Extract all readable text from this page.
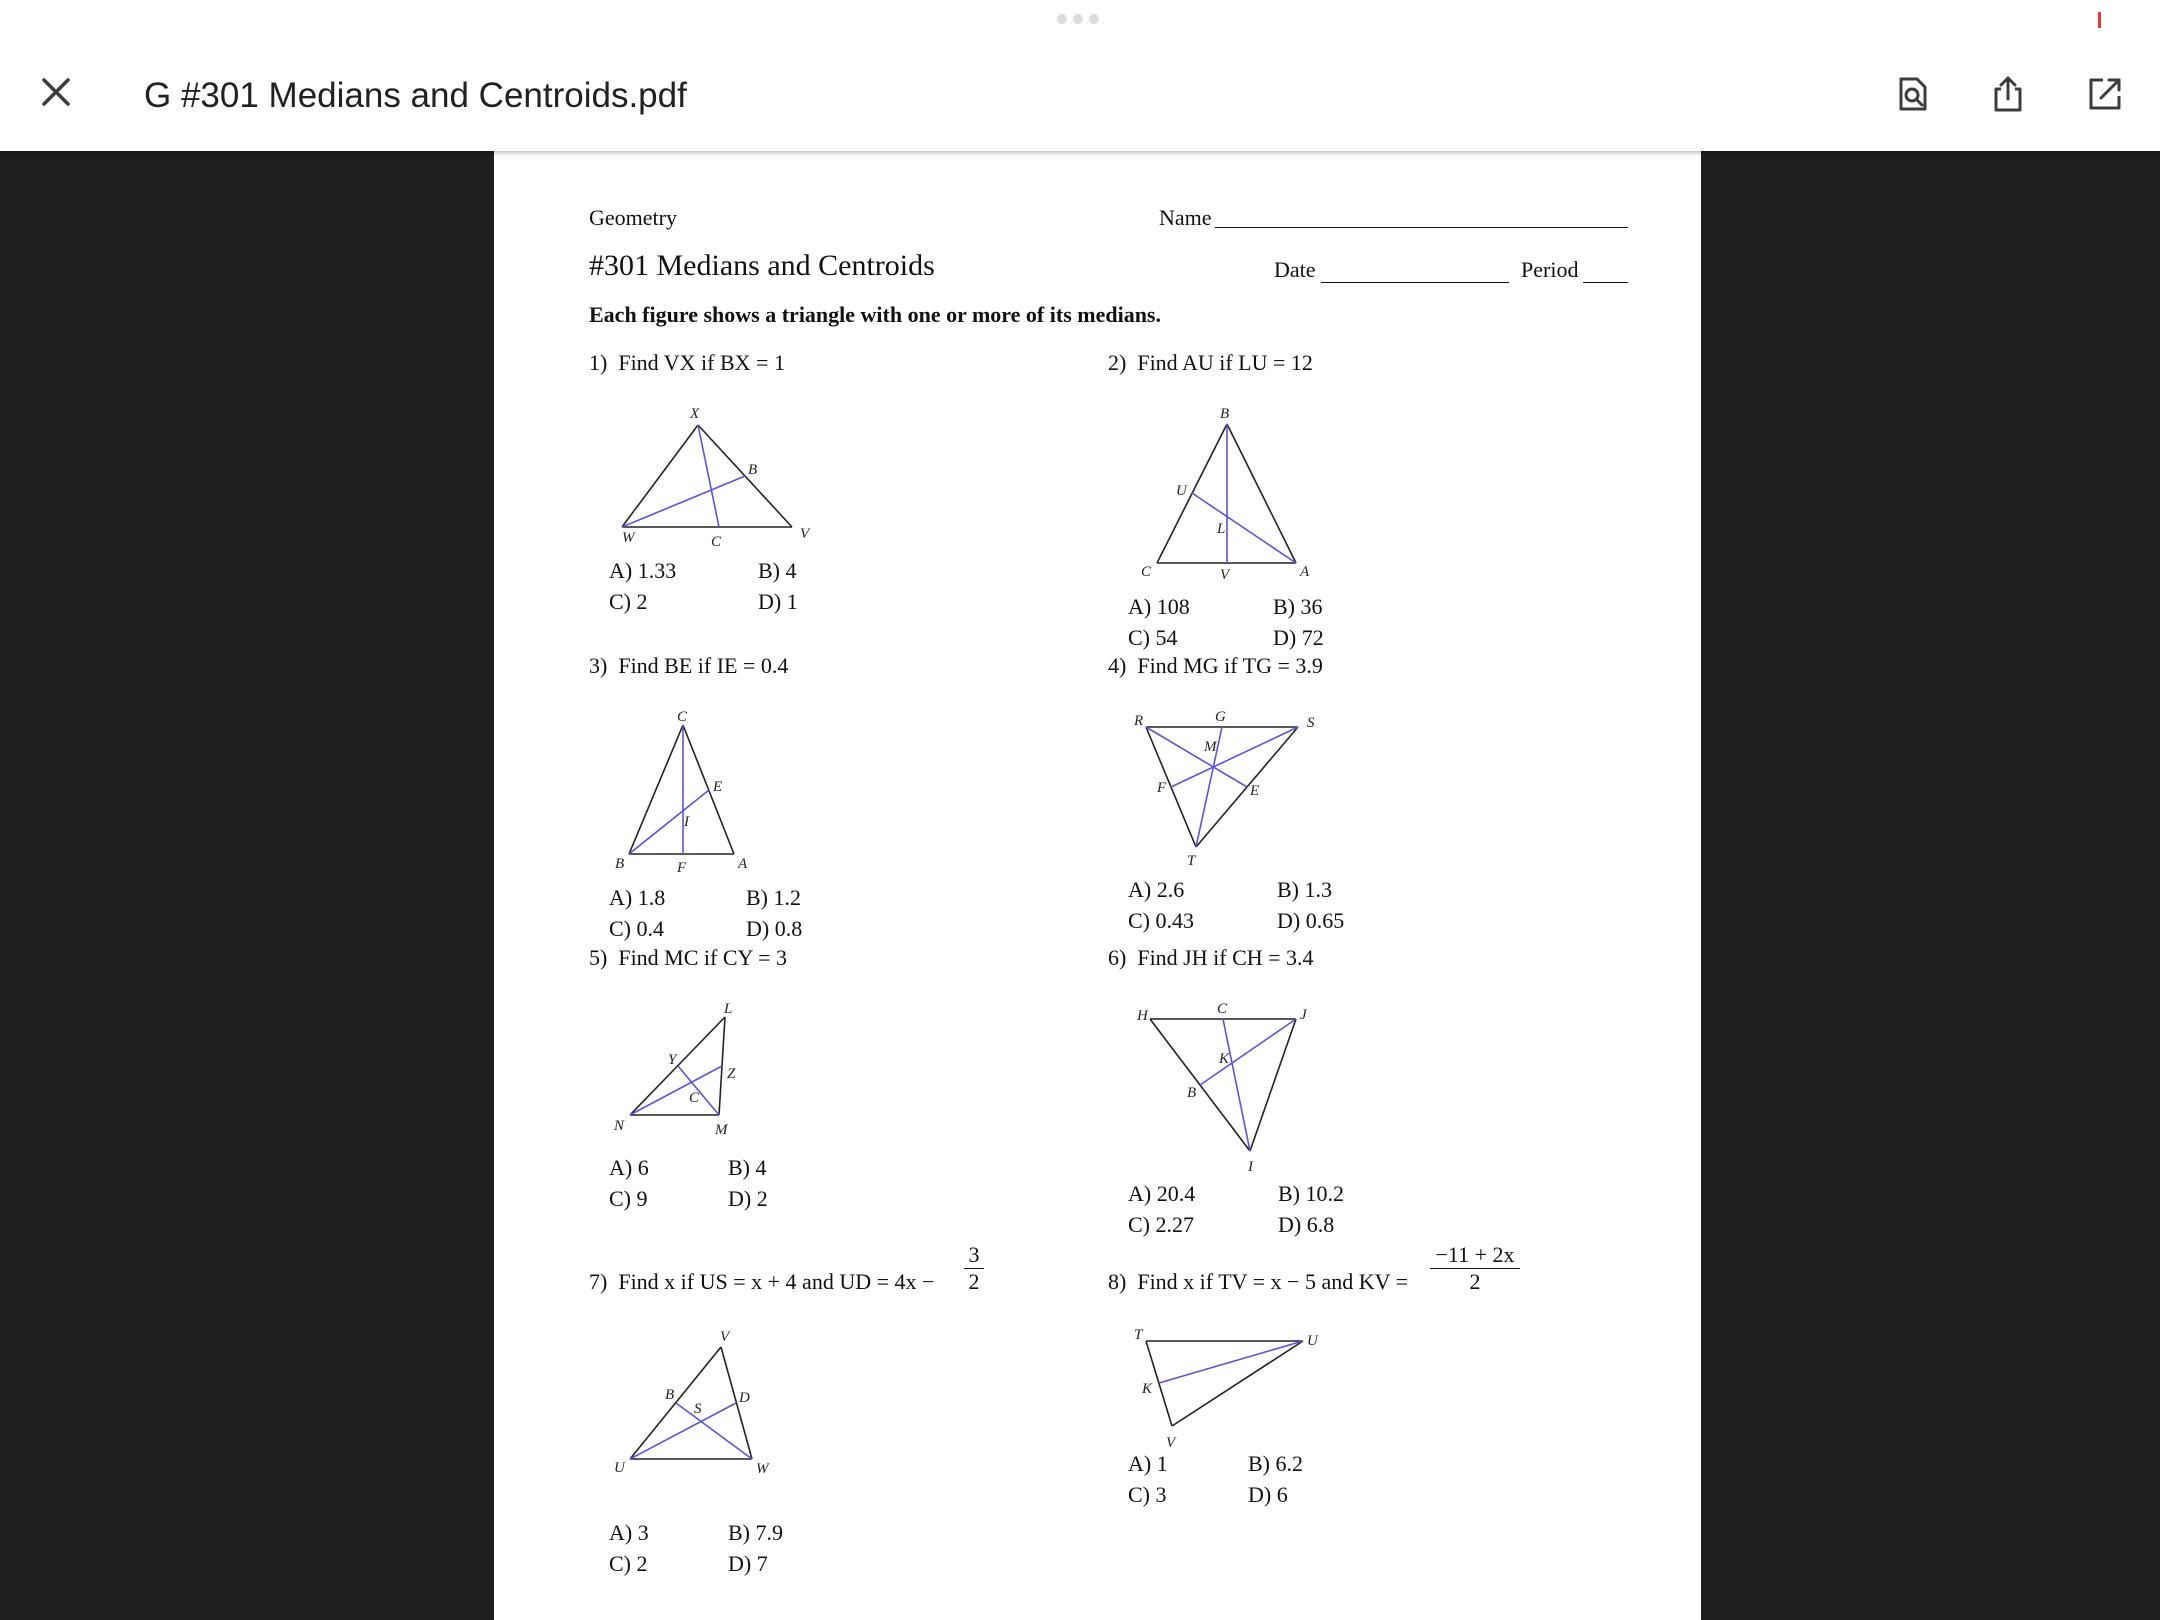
G #301 Medians and Centroids.pdf
Geometry	Name
#301 Medians and Centroids	Date	Period
Each figure shows a triangle with one or more of its medians.
1) Find VX if BX = 1
X
B
W	C	V
A) 1.33	B) 4
C) 2	D) 1
2) Find AU if LU = 12
B
U
L
C	V	A
A) 108	B) 36
C) 54	D) 72
3) Find BE if IE = 0.4
C
E
I
B	F	A
A) 1.8	B) 1.2
C) 0.4	D) 0.8
4) Find MG if TG = 3.9
R	G	S
M
F	E
T
A) 2.6	B) 1.3
C) 0.43	D) 0.65
5) Find MC if CY = 3
L
Y
Z
C
N	M
A) 6	B) 4
C) 9	D) 2
6) Find JH if CH = 3.4
H	C	J
K
B
I
A) 20.4	B) 10.2
C) 2.27	D) 6.8
7) Find x if US = x + 4 and UD = 4x −
3
2
V
B	D
S
U	W
A) 3	B) 7.9
C) 2	D) 7
8) Find x if TV = x − 5 and KV =
−11 + 2x
2
T	U
K
V
A) 1	B) 6.2
C) 3	D) 6
